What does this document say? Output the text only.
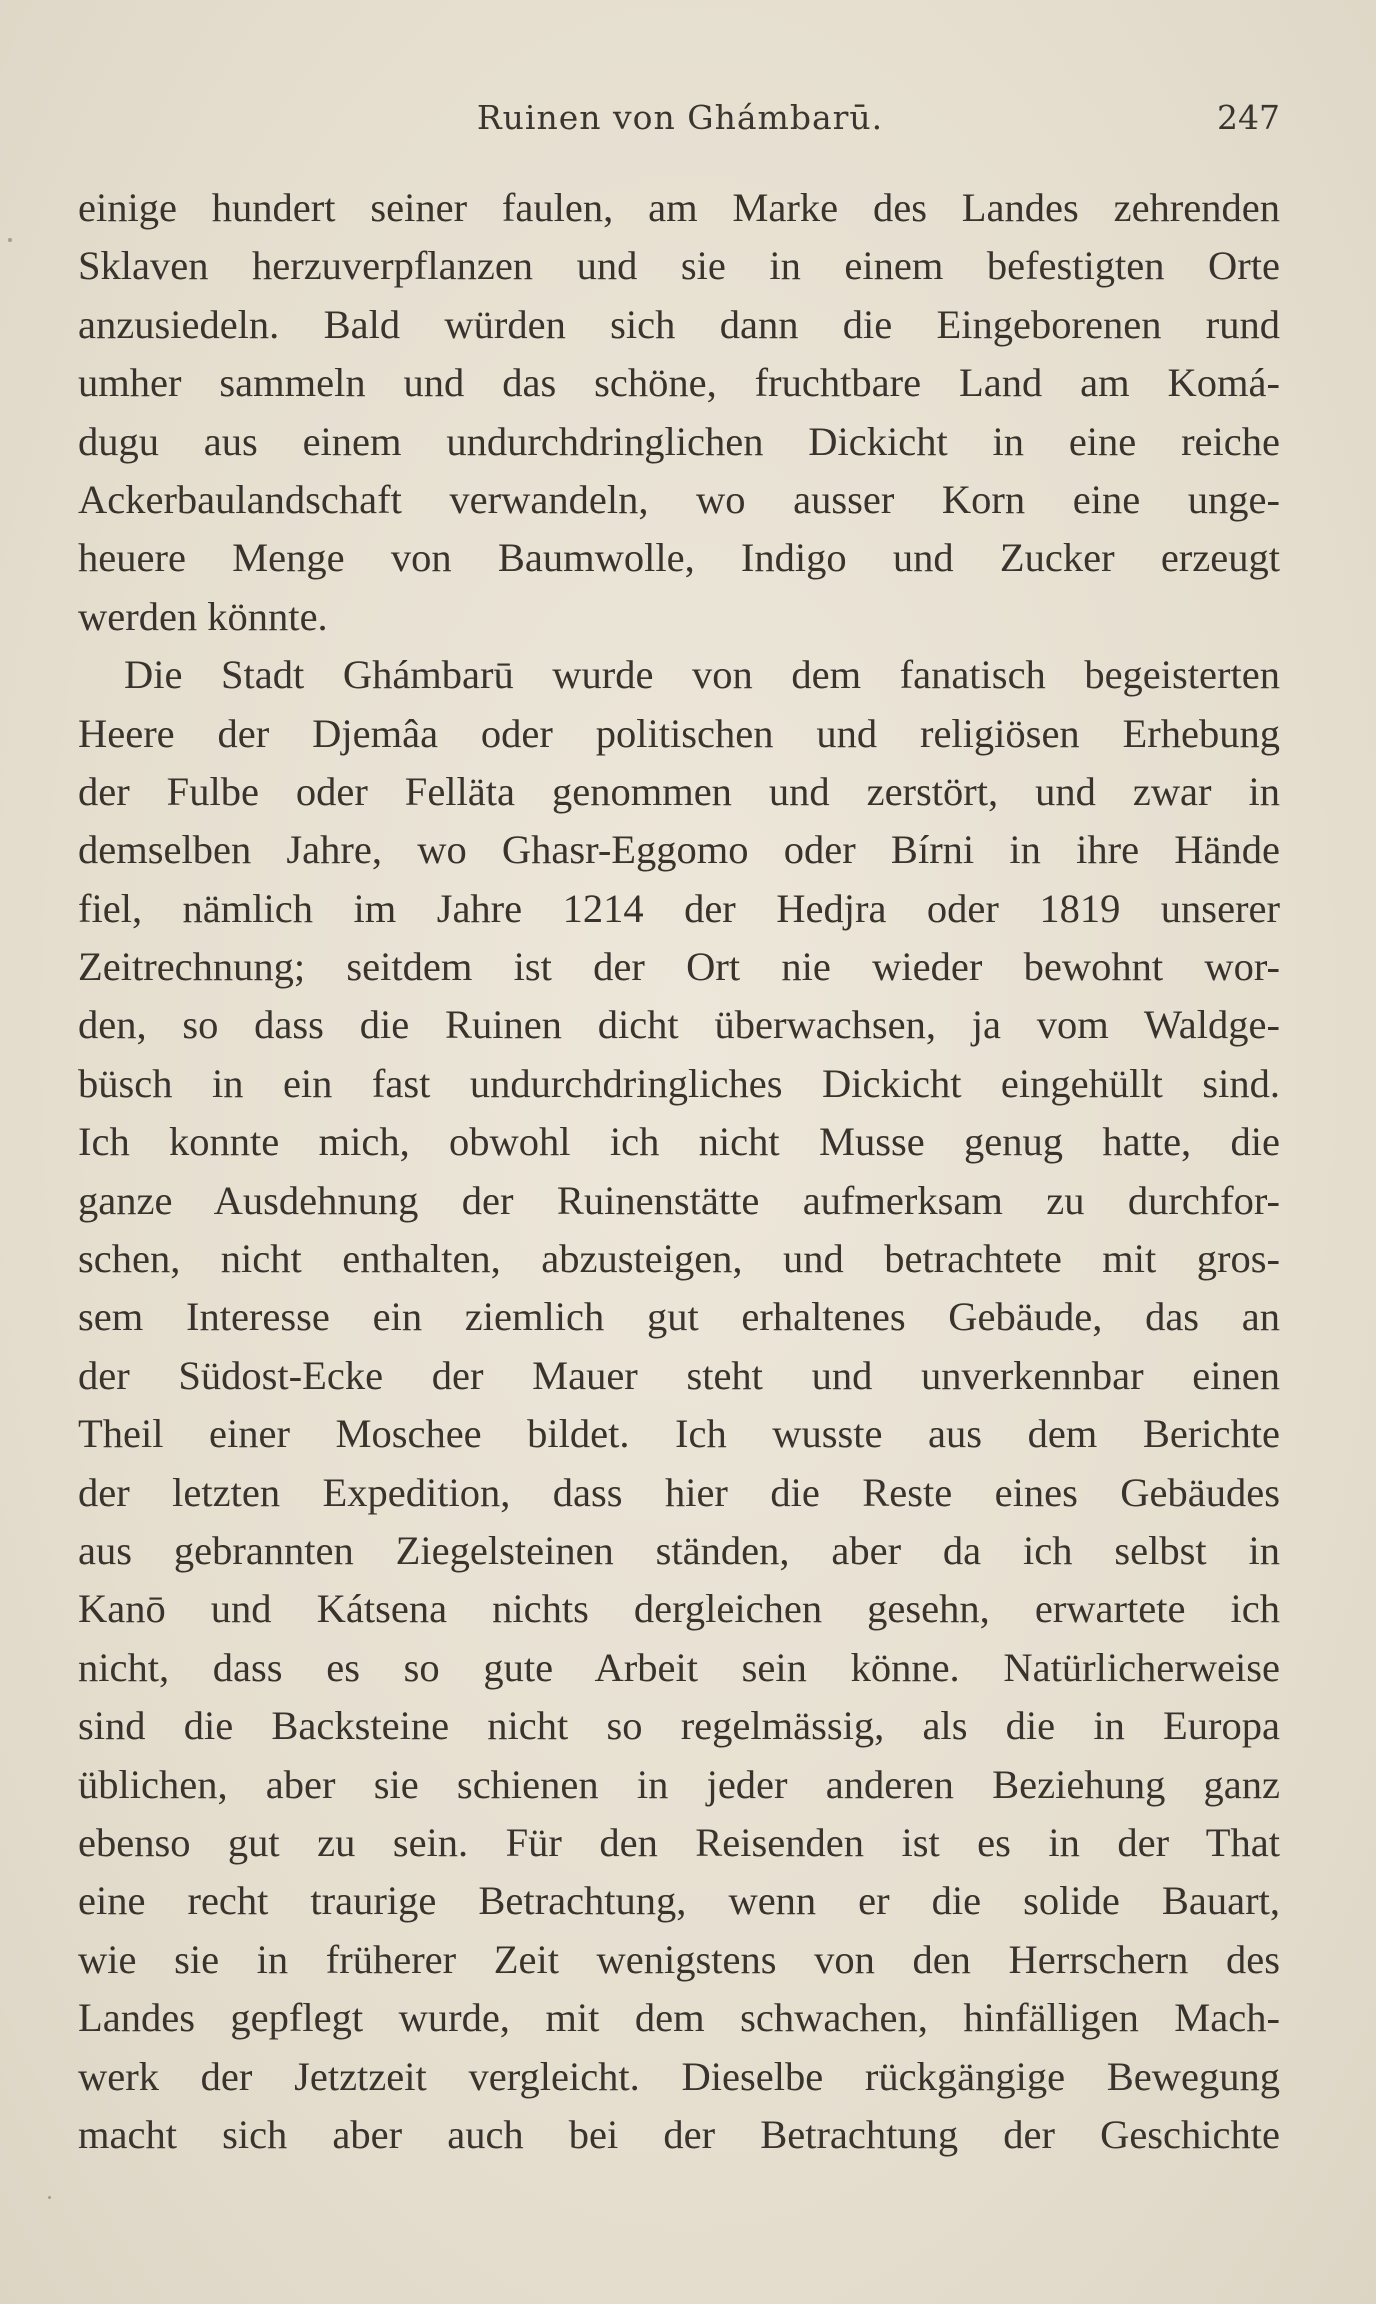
Ruinen von Ghámbarū.	247
einige hundert seiner faulen, am Marke des Landes zehrenden
Sklaven herzuverpflanzen und sie in einem befestigten Orte
anzusiedeln. Bald würden sich dann die Eingeborenen rund
umher sammeln und das schöne, fruchtbare Land am Komá-
dugu aus einem undurchdringlichen Dickicht in eine reiche
Ackerbaulandschaft verwandeln, wo ausser Korn eine unge-
heuere Menge von Baumwolle, Indigo und Zucker erzeugt
werden könnte.
Die Stadt Ghámbarū wurde von dem fanatisch begeisterten
Heere der Djemâa oder politischen und religiösen Erhebung
der Fulbe oder Felläta genommen und zerstört, und zwar in
demselben Jahre, wo Ghasr-Eggomo oder Bírni in ihre Hände
fiel, nämlich im Jahre 1214 der Hedjra oder 1819 unserer
Zeitrechnung; seitdem ist der Ort nie wieder bewohnt wor-
den, so dass die Ruinen dicht überwachsen, ja vom Waldge-
büsch in ein fast undurchdringliches Dickicht eingehüllt sind.
Ich konnte mich, obwohl ich nicht Musse genug hatte, die
ganze Ausdehnung der Ruinenstätte aufmerksam zu durchfor-
schen, nicht enthalten, abzusteigen, und betrachtete mit gros-
sem Interesse ein ziemlich gut erhaltenes Gebäude, das an
der Südost-Ecke der Mauer steht und unverkennbar einen
Theil einer Moschee bildet. Ich wusste aus dem Berichte
der letzten Expedition, dass hier die Reste eines Gebäudes
aus gebrannten Ziegelsteinen ständen, aber da ich selbst in
Kanō und Kátsena nichts dergleichen gesehn, erwartete ich
nicht, dass es so gute Arbeit sein könne. Natürlicherweise
sind die Backsteine nicht so regelmässig, als die in Europa
üblichen, aber sie schienen in jeder anderen Beziehung ganz
ebenso gut zu sein. Für den Reisenden ist es in der That
eine recht traurige Betrachtung, wenn er die solide Bauart,
wie sie in früherer Zeit wenigstens von den Herrschern des
Landes gepflegt wurde, mit dem schwachen, hinfälligen Mach-
werk der Jetztzeit vergleicht. Dieselbe rückgängige Bewegung
macht sich aber auch bei der Betrachtung der Geschichte
